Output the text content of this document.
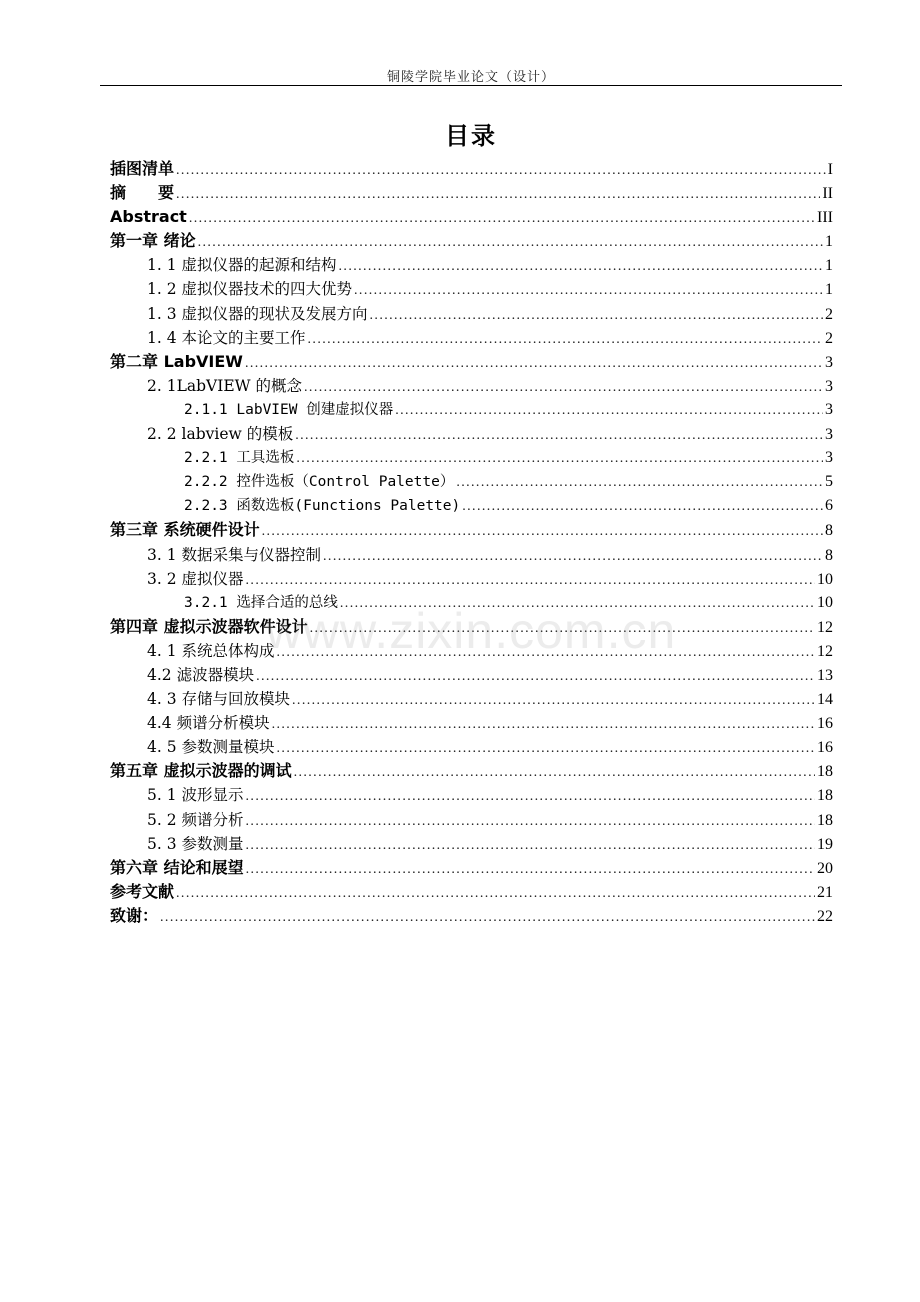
铜陵学院毕业论文（设计）
目录
插图清单 .....	I
摘　　要 .....	II
Abstract .....	III
第一章 绪论 .....	1
1. 1 虚拟仪器的起源和结构 .....	1
1. 2 虚拟仪器技术的四大优势 .....	1
1. 3 虚拟仪器的现状及发展方向 .....	2
1. 4 本论文的主要工作 .....	2
第二章 LabVIEW .....	3
2. 1LabVIEW 的概念 .....	3
2.1.1 LabVIEW 创建虚拟仪器 .....	3
2. 2 labview 的模板 .....	3
2.2.1 工具选板 .....	3
2.2.2 控件选板（Control Palette） .....	5
2.2.3 函数选板(Functions Palette) .....	6
第三章 系统硬件设计 .....	8
3. 1 数据采集与仪器控制 .....	8
3. 2 虚拟仪器 .....	10
3.2.1 选择合适的总线 .....	10
第四章 虚拟示波器软件设计 .....	12
4. 1 系统总体构成 .....	12
4.2 滤波器模块 .....	13
4. 3 存储与回放模块 .....	14
4.4 频谱分析模块 .....	16
4. 5 参数测量模块 .....	16
第五章 虚拟示波器的调试 .....	18
5. 1 波形显示 .....	18
5. 2 频谱分析 .....	18
5. 3 参数测量 .....	19
第六章 结论和展望 .....	20
参考文献 .....	21
致谢： .....	22
www.zixin.com.cn
